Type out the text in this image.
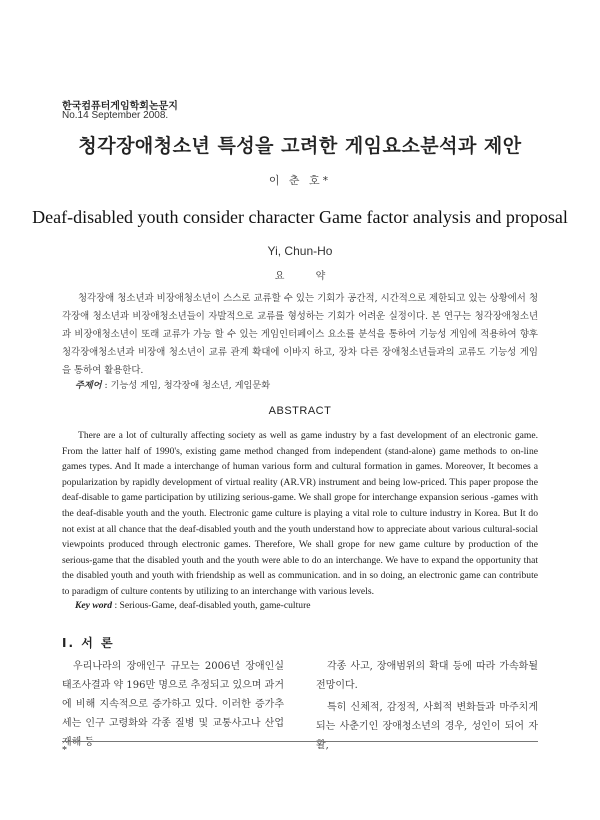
한국컴퓨터게임학회논문지
No.14 September 2008.
청각장애청소년 특성을 고려한 게임요소분석과 제안
이 춘 호*
Deaf-disabled youth consider character Game factor analysis and proposal
Yi, Chun-Ho
요 약

청각장애 청소년과 비장애청소년이 스스로 교류할 수 있는 기회가 공간적, 시간적으로 제한되고 있는 상황에서 청각장애 청소년과 비장애청소년들이 자발적으로 교류를 형성하는 기회가 어려운 실정이다. 본 연구는 청각장애청소년과 비장애청소년이 또래 교류가 가능 할 수 있는 게임인터페이스 요소를 분석을 통하여 기능성 게임에 적용하여 향후 청각장애청소년과 비장애 청소년이 교류 관계 확대에 이바지 하고, 장차 다른 장애청소년들과의 교류도 기능성 게임을 통하여 활용한다.

주제어 : 기능성 게임, 청각장애 청소년, 게임문화
ABSTRACT

There are a lot of culturally affecting society as well as game industry by a fast development of an electronic game. From the latter half of 1990's, existing game method changed from independent (stand-alone) game methods to on-line games types. And It made a interchange of human various form and cultural formation in games. Moreover, It becomes a popularization by rapidly development of virtual reality (AR.VR) instrument and being low-priced. This paper propose the deaf-disable to game participation by utilizing serious-game. We shall grope for interchange expansion serious -games with the deaf-disable youth and the youth. Electronic game culture is playing a vital role to culture industry in Korea. But It do not exist at all chance that the deaf-disabled youth and the youth understand how to appreciate about various cultural-social viewpoints produced through electronic games. Therefore, We shall grope for new game culture by production of the serious-game that the disabled youth and the youth were able to do an interchange. We have to expand the opportunity that the disabled youth and youth with friendship as well as communication. and in so doing, an electronic game can contribute to paradigm of culture contents by utilizing to an interchange with various levels.

Key word : Serious-Game, deaf-disabled youth, game-culture
Ⅰ. 서 론

우리나라의 장애인구 규모는 2006년 장애인실태조사결과 약 196만 명으로 추정되고 있으며 과거에 비해 지속적으로 증가하고 있다. 이러한 증가추세는 인구 고령화와 각종 질병 및 교통사고나 산업재해 등

각종 사고, 장애범위의 확대 등에 따라 가속화될 전망이다.

특히 신체적, 감정적, 사회적 변화들과 마주치게 되는 사춘기인 장애청소년의 경우, 성인이 되어 자활,

*
